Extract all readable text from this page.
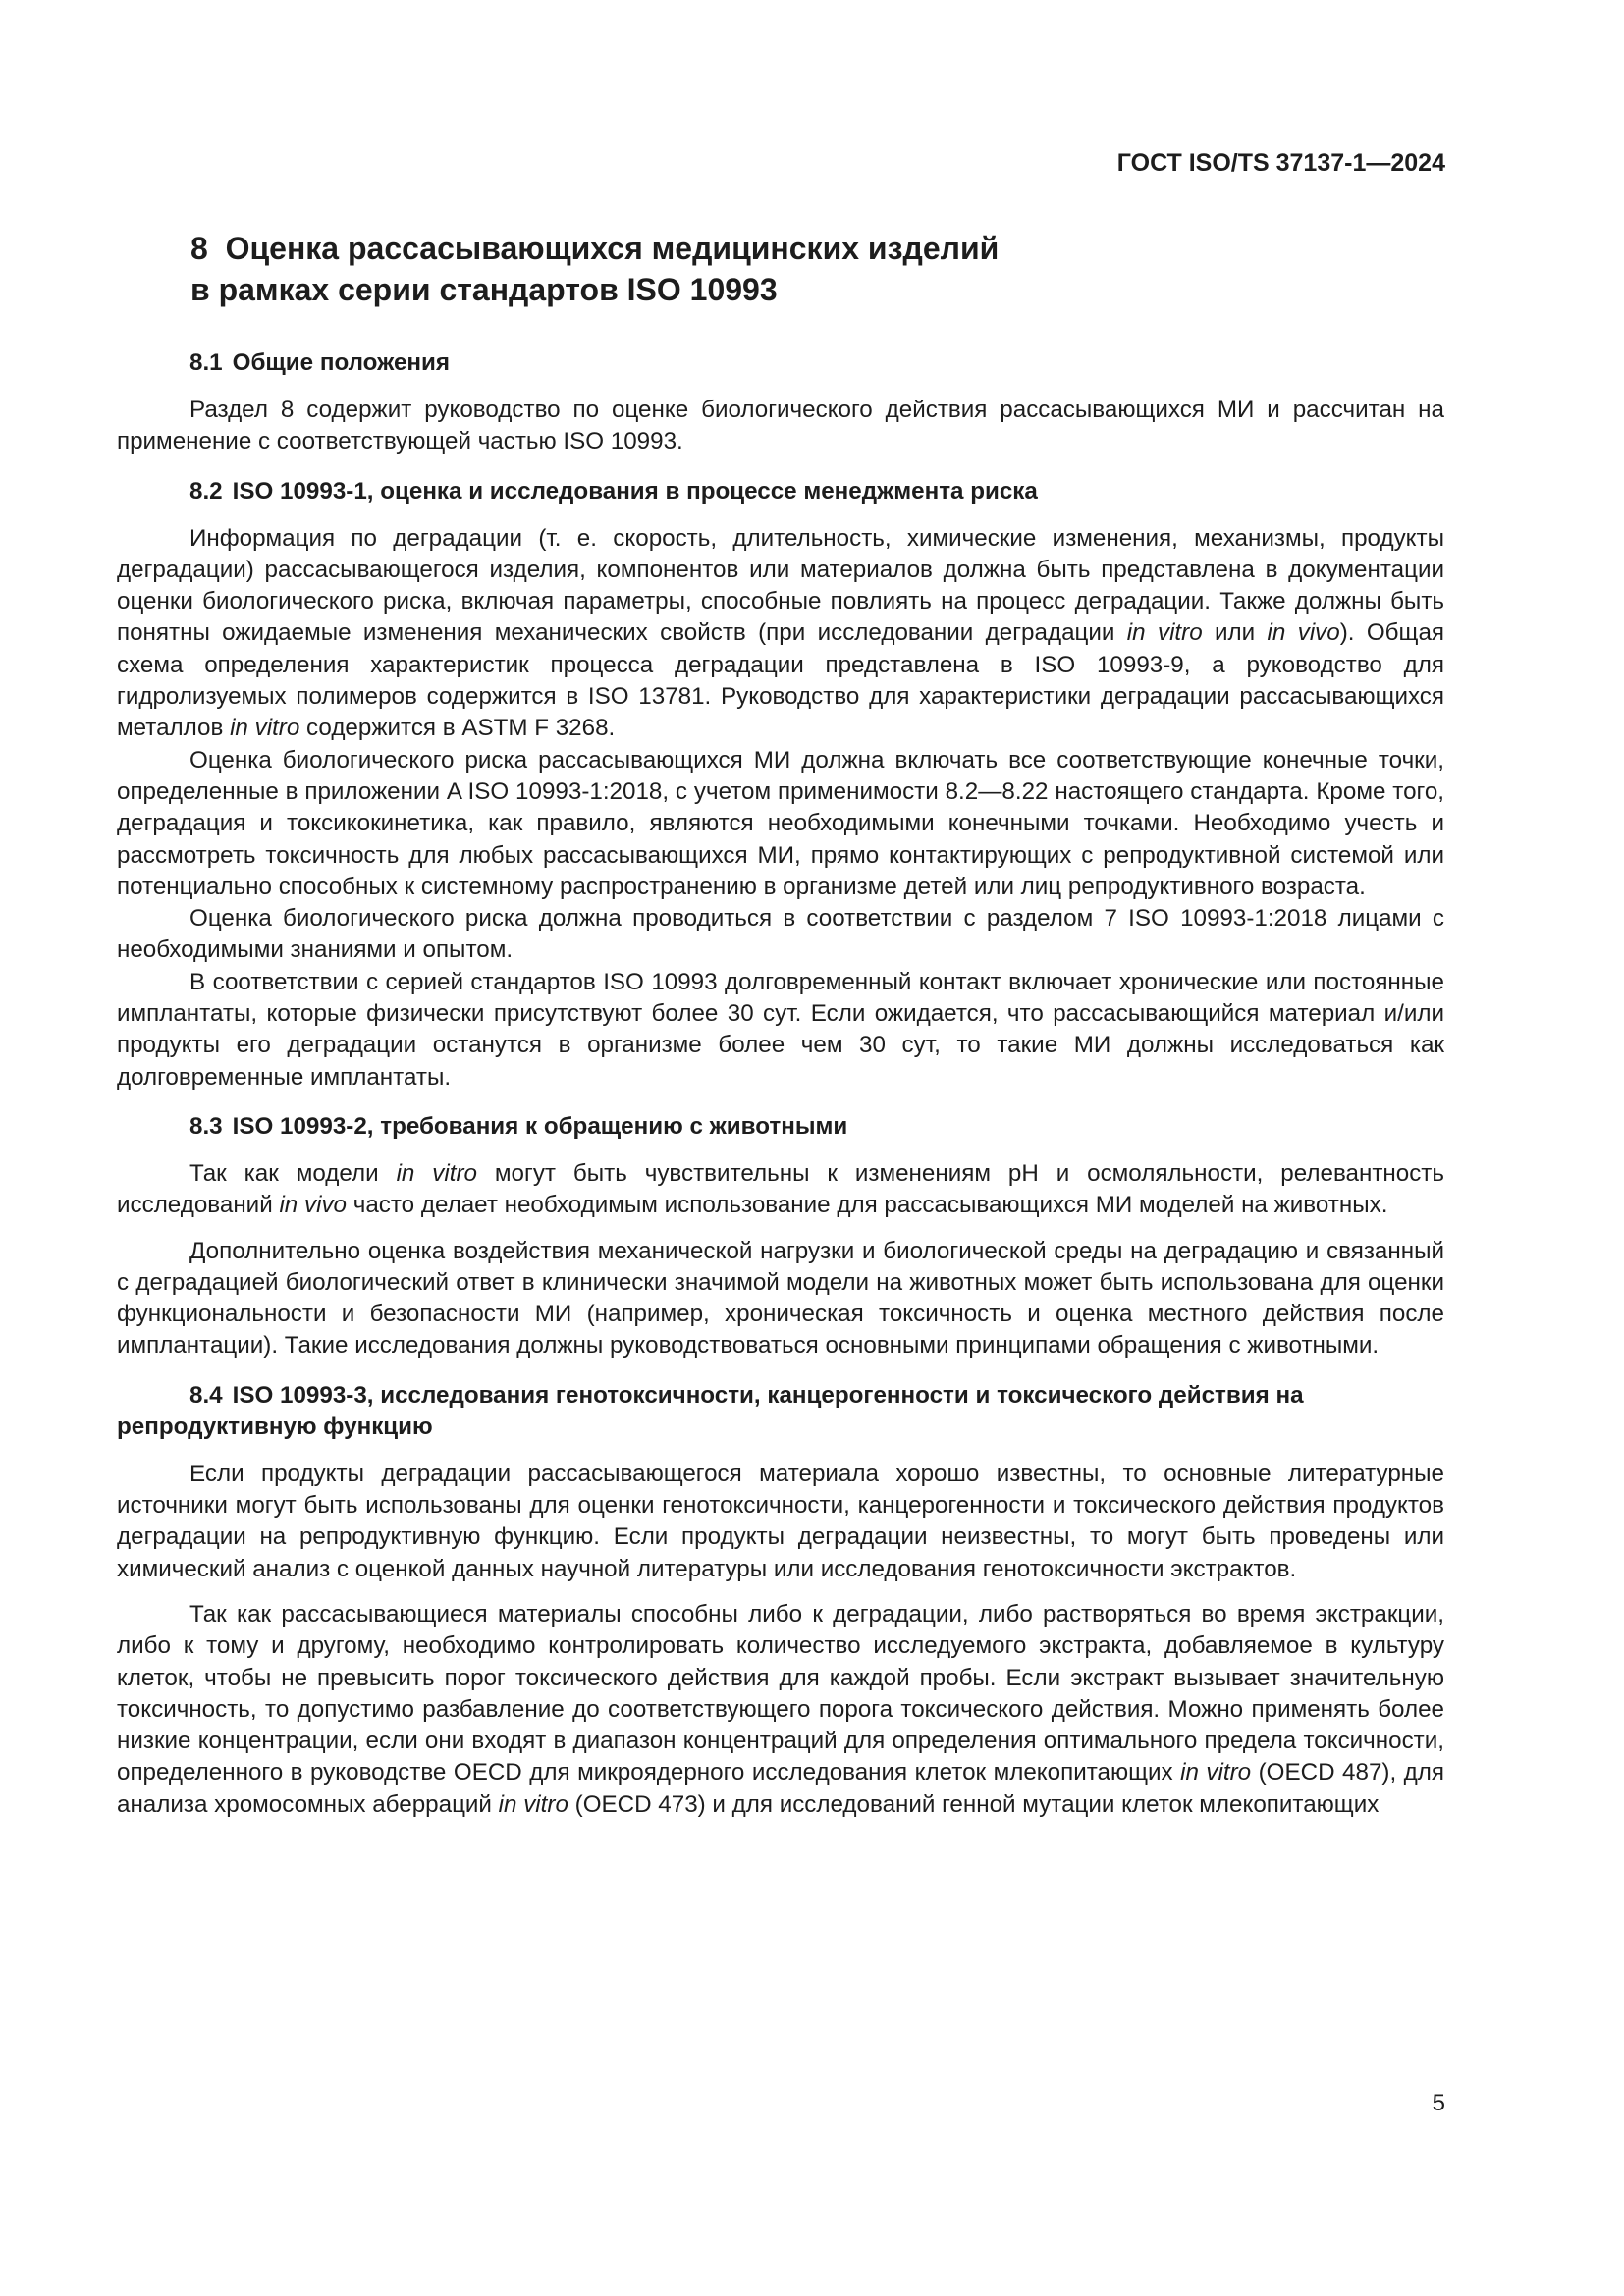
ГОСТ ISO/TS 37137-1—2024
8 Оценка рассасывающихся медицинских изделий
в рамках серии стандартов ISO 10993
8.1 Общие положения

Раздел 8 содержит руководство по оценке биологического действия рассасывающихся МИ и рассчитан на применение с соответствующей частью ISO 10993.

8.2 ISO 10993-1, оценка и исследования в процессе менеджмента риска

Информация по деградации (т. е. скорость, длительность, химические изменения, механизмы, продукты деградации) рассасывающегося изделия, компонентов или материалов должна быть представлена в документации оценки биологического риска, включая параметры, способные повлиять на процесс деградации. Также должны быть понятны ожидаемые изменения механических свойств (при исследовании деградации in vitro или in vivo). Общая схема определения характеристик процесса деградации представлена в ISO 10993-9, а руководство для гидролизуемых полимеров содержится в ISO 13781. Руководство для характеристики деградации рассасывающихся металлов in vitro содержится в ASTM F 3268.

Оценка биологического риска рассасывающихся МИ должна включать все соответствующие конечные точки, определенные в приложении A ISO 10993-1:2018, с учетом применимости 8.2—8.22 настоящего стандарта. Кроме того, деградация и токсикокинетика, как правило, являются необходимыми конечными точками. Необходимо учесть и рассмотреть токсичность для любых рассасывающихся МИ, прямо контактирующих с репродуктивной системой или потенциально способных к системному распространению в организме детей или лиц репродуктивного возраста.

Оценка биологического риска должна проводиться в соответствии с разделом 7 ISO 10993-1:2018 лицами с необходимыми знаниями и опытом.

В соответствии с серией стандартов ISO 10993 долговременный контакт включает хронические или постоянные имплантаты, которые физически присутствуют более 30 сут. Если ожидается, что рассасывающийся материал и/или продукты его деградации останутся в организме более чем 30 сут, то такие МИ должны исследоваться как долговременные имплантаты.

8.3 ISO 10993-2, требования к обращению с животными

Так как модели in vitro могут быть чувствительны к изменениям pH и осмоляльности, релевантность исследований in vivo часто делает необходимым использование для рассасывающихся МИ моделей на животных.

Дополнительно оценка воздействия механической нагрузки и биологической среды на деградацию и связанный с деградацией биологический ответ в клинически значимой модели на животных может быть использована для оценки функциональности и безопасности МИ (например, хроническая токсичность и оценка местного действия после имплантации). Такие исследования должны руководствоваться основными принципами обращения с животными.

8.4 ISO 10993-3, исследования генотоксичности, канцерогенности и токсического действия на репродуктивную функцию

Если продукты деградации рассасывающегося материала хорошо известны, то основные литературные источники могут быть использованы для оценки генотоксичности, канцерогенности и токсического действия продуктов деградации на репродуктивную функцию. Если продукты деградации неизвестны, то могут быть проведены или химический анализ с оценкой данных научной литературы или исследования генотоксичности экстрактов.

Так как рассасывающиеся материалы способны либо к деградации, либо растворяться во время экстракции, либо к тому и другому, необходимо контролировать количество исследуемого экстракта, добавляемое в культуру клеток, чтобы не превысить порог токсического действия для каждой пробы. Если экстракт вызывает значительную токсичность, то допустимо разбавление до соответствующего порога токсического действия. Можно применять более низкие концентрации, если они входят в диапазон концентраций для определения оптимального предела токсичности, определенного в руководстве OECD для микроядерного исследования клеток млекопитающих in vitro (OECD 487), для анализа хромосомных аберраций in vitro (OECD 473) и для исследований генной мутации клеток млекопитающих

5
